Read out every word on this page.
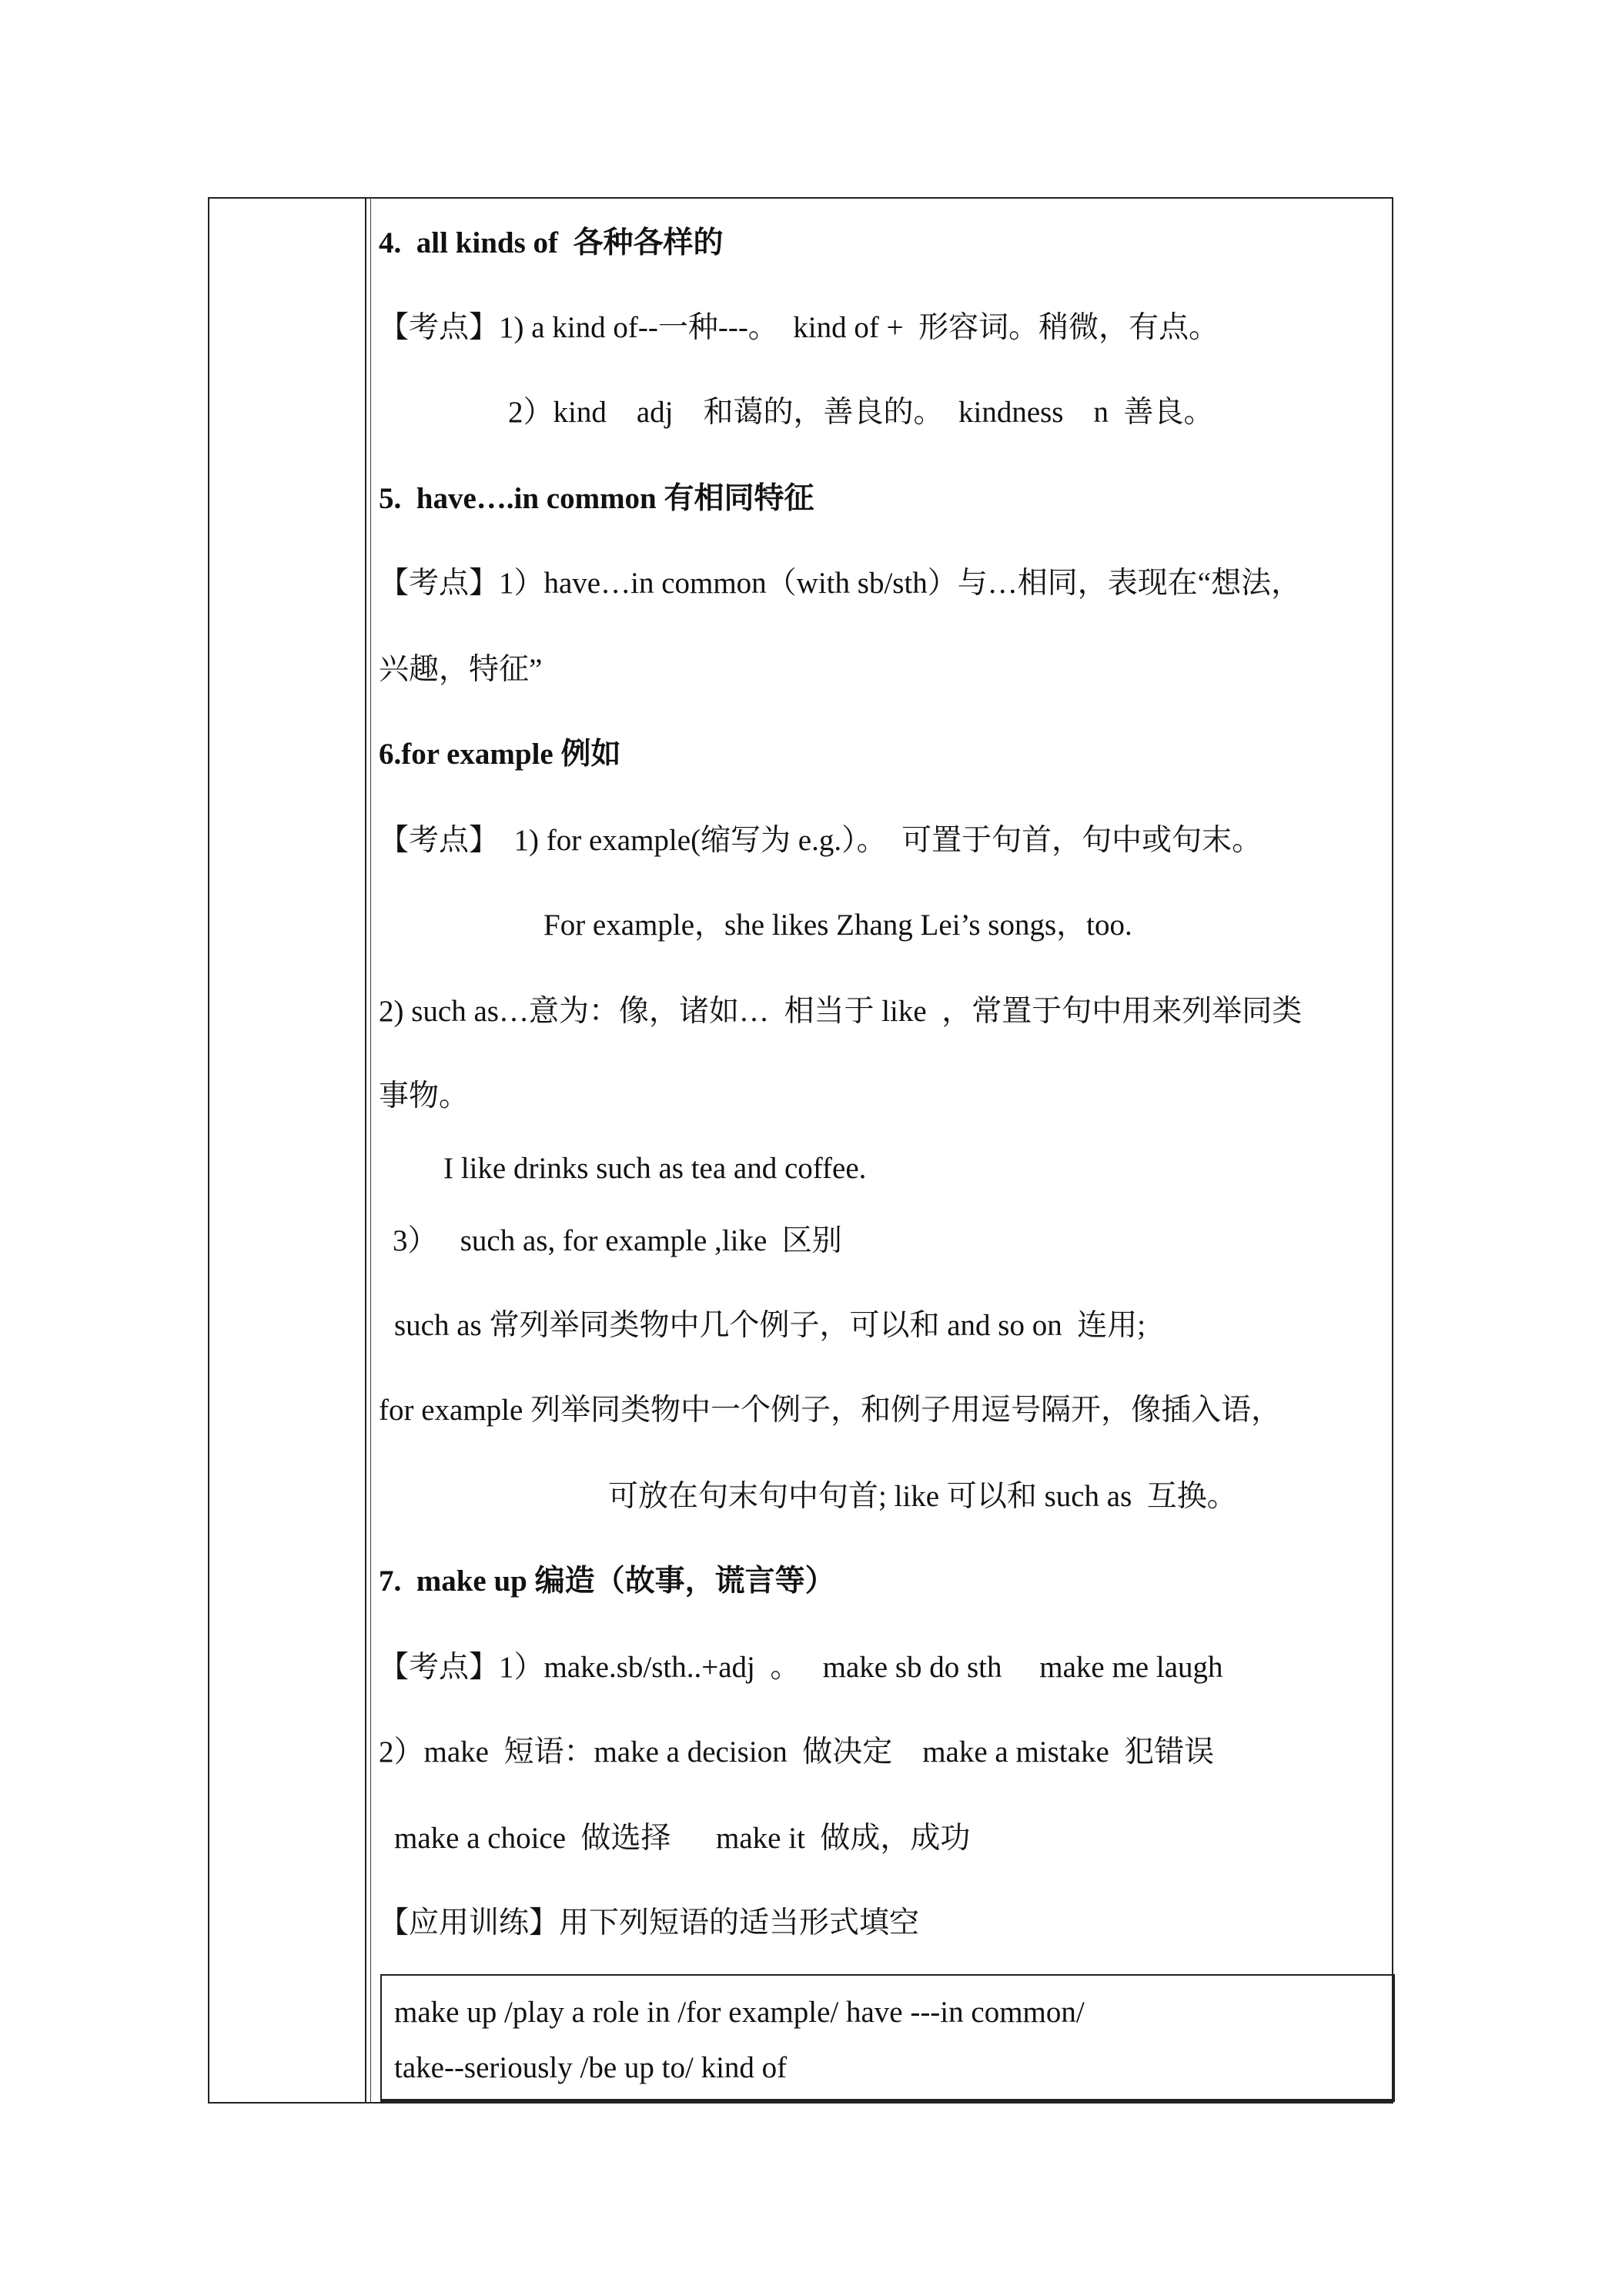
4.  all kinds of  各种各样的
【考点】1) a kind of--一种---。  kind of +  形容词。稍微，有点。
2）kind    adj    和蔼的，善良的。  kindness    n  善良。
5.  have….in common 有相同特征
【考点】1）have…in common（with sb/sth）与…相同，表现在“想法，
兴趣，特征”
6.for example 例如
【考点】  1) for example(缩写为 e.g.）。  可置于句首，句中或句末。
For example，she likes Zhang Lei’s songs，too.
2) such as…意为：像，诸如…  相当于 like  ，常置于句中用来列举同类
事物。
I like drinks such as tea and coffee.
3）   such as, for example ,like  区别
such as 常列举同类物中几个例子，可以和 and so on  连用;
for example 列举同类物中一个例子，和例子用逗号隔开，像插入语，
可放在句末句中句首; like 可以和 such as  互换。
7.  make up 编造（故事，谎言等）
【考点】1）make.sb/sth..+adj  。   make sb do sth     make me laugh
2）make  短语：make a decision  做决定    make a mistake  犯错误
make a choice  做选择      make it  做成，成功
【应用训练】用下列短语的适当形式填空
make up /play a role in /for example/ have ---in common/
take--seriously /be up to/ kind of
